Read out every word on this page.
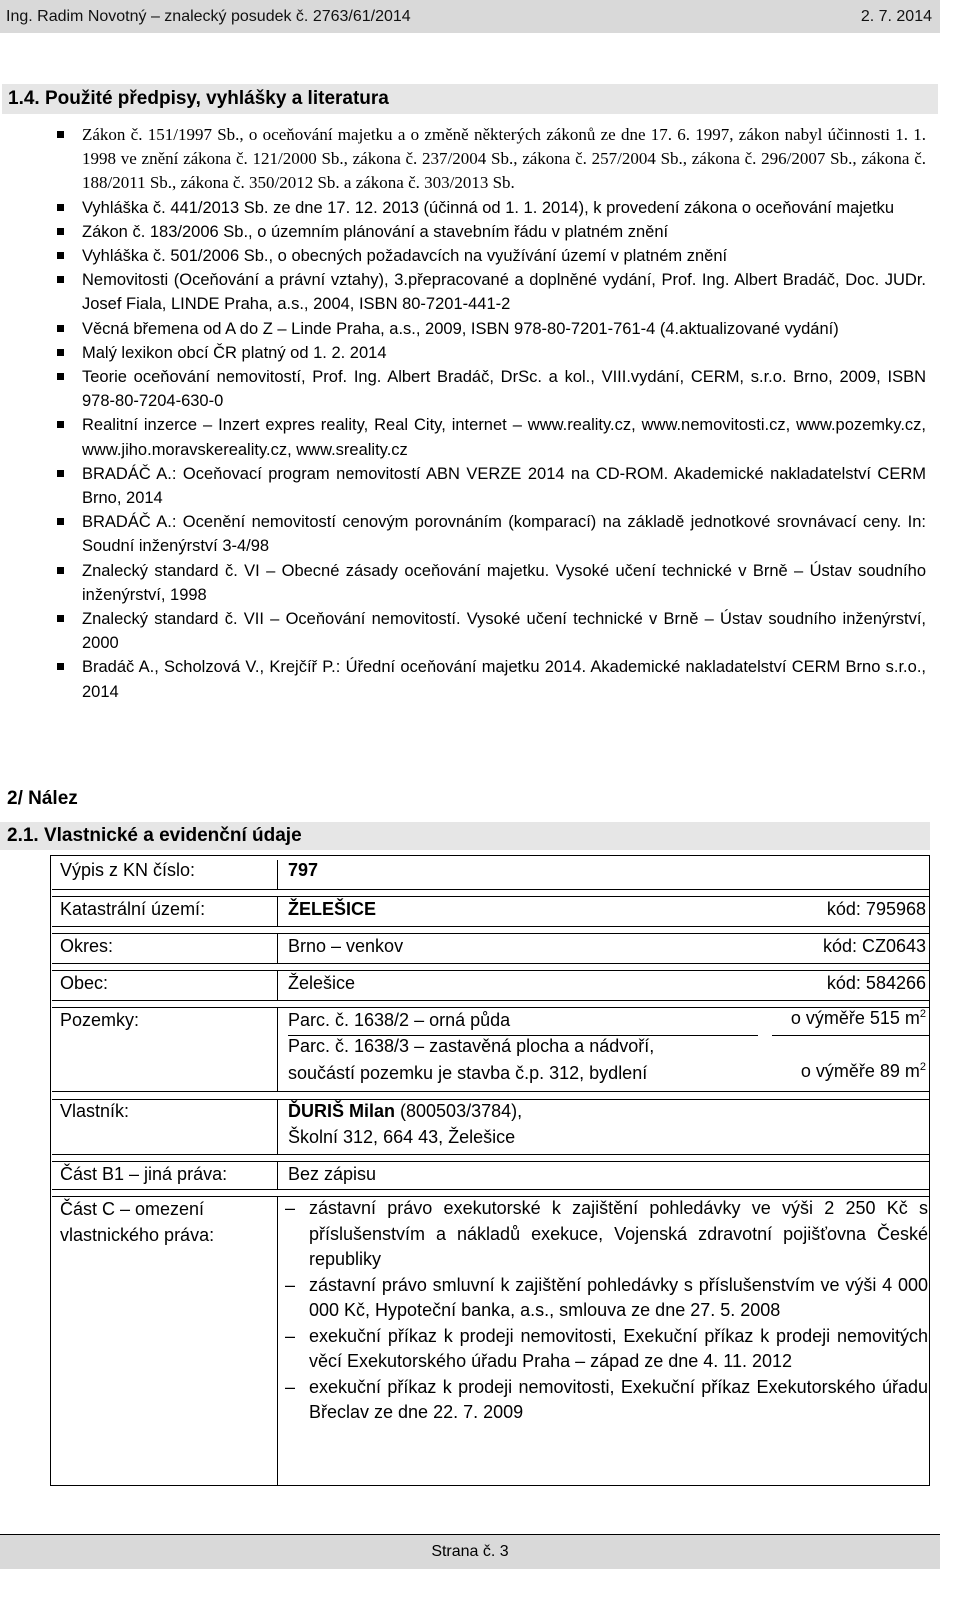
Ing. Radim Novotný – znalecký posudek č. 2763/61/2014	2. 7. 2014
1.4. Použité předpisy, vyhlášky a literatura
Zákon č. 151/1997 Sb., o oceňování majetku a o změně některých zákonů ze dne 17. 6. 1997, zákon nabyl účinnosti 1. 1. 1998 ve znění zákona č. 121/2000 Sb., zákona č. 237/2004 Sb., zákona č. 257/2004 Sb., zákona č. 296/2007 Sb., zákona č. 188/2011 Sb., zákona č. 350/2012 Sb. a zákona č. 303/2013 Sb.
Vyhláška č. 441/2013 Sb. ze dne 17. 12. 2013 (účinná od 1. 1. 2014), k provedení zákona o oceňování majetku
Zákon č. 183/2006 Sb., o územním plánování a stavebním řádu v platném znění
Vyhláška č. 501/2006 Sb., o obecných požadavcích na využívání území v platném znění
Nemovitosti (Oceňování a právní vztahy), 3.přepracované a doplněné vydání, Prof. Ing. Albert Bradáč, Doc. JUDr. Josef Fiala, LINDE Praha, a.s., 2004, ISBN 80-7201-441-2
Věcná břemena od A do Z – Linde Praha, a.s., 2009, ISBN 978-80-7201-761-4 (4.aktualizované vydání)
Malý lexikon obcí ČR platný od 1. 2. 2014
Teorie oceňování nemovitostí, Prof. Ing. Albert Bradáč, DrSc. a kol., VIII.vydání, CERM, s.r.o. Brno, 2009, ISBN 978-80-7204-630-0
Realitní inzerce – Inzert expres reality, Real City, internet – www.reality.cz, www.nemovitosti.cz, www.pozemky.cz, www.jiho.moravskereality.cz, www.sreality.cz
BRADÁČ A.: Oceňovací program nemovitostí ABN VERZE 2014 na CD-ROM. Akademické nakladatelství CERM Brno, 2014
BRADÁČ A.: Ocenění nemovitostí cenovým porovnáním (komparací) na základě jednotkové srovnávací ceny. In: Soudní inženýrství 3-4/98
Znalecký standard č. VI – Obecné zásady oceňování majetku. Vysoké učení technické v Brně – Ústav soudního inženýrství, 1998
Znalecký standard č. VII – Oceňování nemovitostí. Vysoké učení technické v Brně – Ústav soudního inženýrství, 2000
Bradáč A., Scholzová V., Krejčíř P.: Úřední oceňování majetku 2014. Akademické nakladatelství CERM Brno s.r.o., 2014
2/ Nález
2.1. Vlastnické a evidenční údaje
Výpis z KN číslo:	797
Katastrální území:	ŽELEŠICE	kód: 795968
Okres:	Brno – venkov	kód: CZ0643
Obec:	Želešice	kód: 584266
Pozemky:	Parc. č. 1638/2 – orná půda	o výměře 515 $m^2$
Parc. č. 1638/3 – zastavěná plocha a nádvoří,
součástí pozemku je stavba č.p. 312, bydlení	o výměře 89 $m^2$
Vlastník:	ĎURIŠ Milan (800503/3784),
Školní 312, 664 43, Želešice
Část B1 – jiná práva:	Bez zápisu
Část C – omezení
vlastnického práva:
– zástavní právo exekutorské k zajištění pohledávky ve výši 2 250 Kč s příslušenstvím a nákladů exekuce, Vojenská zdravotní pojišťovna České republiky
– zástavní právo smluvní k zajištění pohledávky s příslušenstvím ve výši 4 000 000 Kč, Hypoteční banka, a.s., smlouva ze dne 27. 5. 2008
– exekuční příkaz k prodeji nemovitosti, Exekuční příkaz k prodeji nemovitých věcí Exekutorského úřadu Praha – západ ze dne 4. 11. 2012
– exekuční příkaz k prodeji nemovitosti, Exekuční příkaz Exekutorského úřadu Břeclav ze dne 22. 7. 2009
Strana č. 3
